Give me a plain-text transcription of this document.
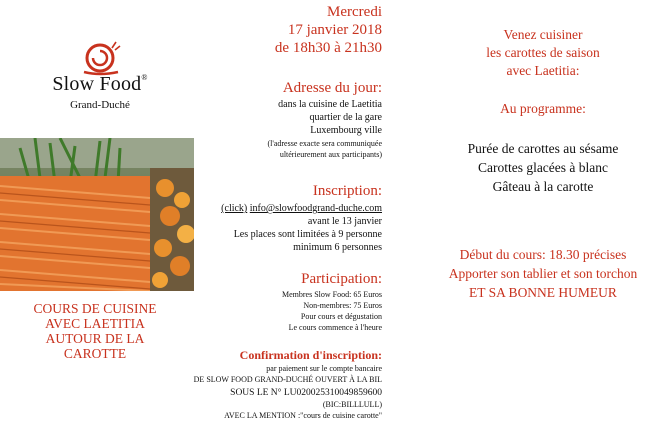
Slow Food®
Grand-Duché
COURS DE CUISINE
AVEC LAETITIA
AUTOUR DE LA
CAROTTE
Mercredi
17 janvier 2018
de 18h30 à 21h30
Adresse du jour:
dans la cuisine de Laetitia
quartier de la gare
Luxembourg ville
(l'adresse exacte sera communiquée
ultérieurement aux participants)
Inscription:
(click) info@slowfoodgrand-duche.com
avant le 13 janvier
Les places sont limitées à 9 personne
minimum 6 personnes
Participation:
Membres Slow Food: 65 Euros
Non-membres: 75 Euros
Pour cours et dégustation
Le cours commence à l'heure
Confirmation d'inscription:
par paiement sur le compte bancaire
DE SLOW FOOD GRAND-DUCHÉ OUVERT À LA BIL
SOUS LE N° LU020025310049859600
(BIC:BILLLULL)
AVEC LA MENTION :"cours de cuisine carotte"
Venez cuisiner
les carottes de saison
avec Laetitia:
Au programme:
Purée de carottes au sésame
Carottes glacées à blanc
Gâteau à la carotte
Début du cours: 18.30 précises
Apporter son tablier et son torchon
ET SA BONNE HUMEUR
